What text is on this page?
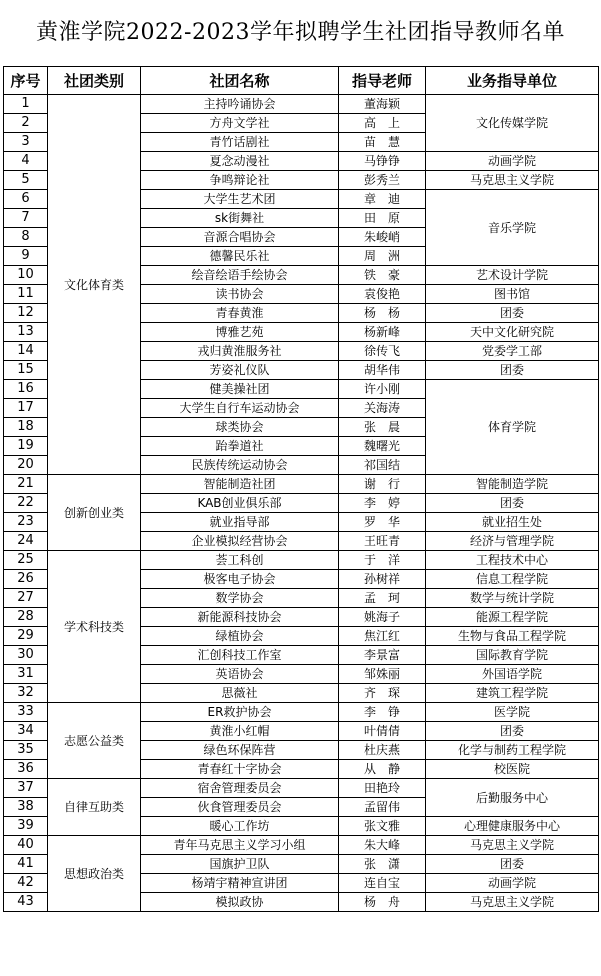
黄淮学院2022-2023学年拟聘学生社团指导教师名单
序号	社团类别	社团名称	指导老师	业务指导单位
1	文化体育类	主持吟诵协会	董海颖	文化传媒学院
2		方舟文学社	高　上	
3		青竹话剧社	苗　慧	
4		夏念动漫社	马铮铮	动画学院
5		争鸣辩论社	彭秀兰	马克思主义学院
6		大学生艺术团	章　迪	音乐学院
7		sk街舞社	田　原	
8		音源合唱协会	朱峻峭	
9		德馨民乐社	周　洲	
10		绘音绘语手绘协会	铁　豪	艺术设计学院
11		读书协会	袁俊艳	图书馆
12		青春黄淮	杨　杨	团委
13		博雅艺苑	杨新峰	天中文化研究院
14		戎归黄淮服务社	徐传飞	党委学工部
15		芳姿礼仪队	胡华伟	团委
16		健美操社团	许小刚	体育学院
17		大学生自行车运动协会	关海涛	
18		球类协会	张　晨	
19		跆拳道社	魏曙光	
20		民族传统运动协会	祁国结	
21	创新创业类	智能制造社团	谢　行	智能制造学院
22		KAB创业俱乐部	李　婷	团委
23		就业指导部	罗　华	就业招生处
24		企业模拟经营协会	王旺青	经济与管理学院
25	学术科技类	荟工科创	于　洋	工程技术中心
26		极客电子协会	孙树祥	信息工程学院
27		数学协会	孟　珂	数学与统计学院
28		新能源科技协会	姚海子	能源工程学院
29		绿植协会	焦江红	生物与食品工程学院
30		汇创科技工作室	李景富	国际教育学院
31		英语协会	邹姝丽	外国语学院
32		思薇社	齐　琛	建筑工程学院
33	志愿公益类	ER救护协会	李　铮	医学院
34		黄淮小红帽	叶倩倩	团委
35		绿色环保阵营	杜庆燕	化学与制药工程学院
36		青春红十字协会	从　静	校医院
37	自律互助类	宿舍管理委员会	田艳玲	后勤服务中心
38		伙食管理委员会	孟留伟	
39		暖心工作坊	张文雅	心理健康服务中心
40	思想政治类	青年马克思主义学习小组	朱大峰	马克思主义学院
41		国旗护卫队	张　潇	团委
42		杨靖宇精神宣讲团	连自宝	动画学院
43		模拟政协	杨　舟	马克思主义学院
